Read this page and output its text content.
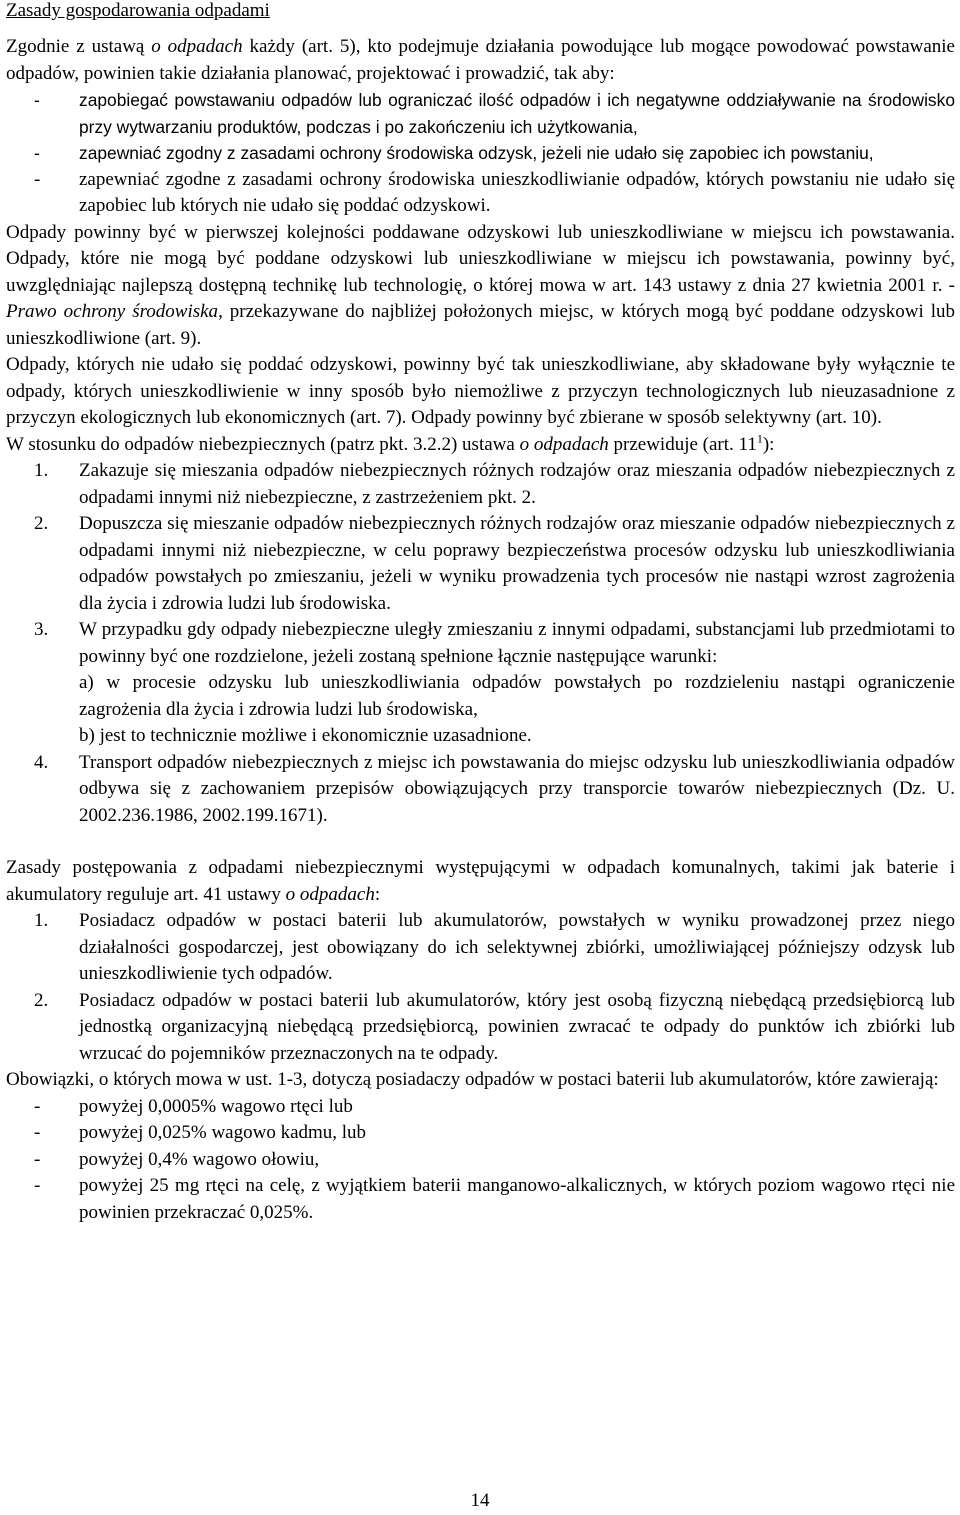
Zasady gospodarowania odpadami

Zgodnie z ustawą o odpadach każdy (art. 5), kto podejmuje działania powodujące lub mogące powodować powstawanie odpadów, powinien takie działania planować, projektować i prowadzić, tak aby:

- zapobiegać powstawaniu odpadów lub ograniczać ilość odpadów i ich negatywne oddziaływanie na środowisko przy wytwarzaniu produktów, podczas i po zakończeniu ich użytkowania,
- zapewniać zgodny z zasadami ochrony środowiska odzysk, jeżeli nie udało się zapobiec ich powstaniu,
- zapewniać zgodne z zasadami ochrony środowiska unieszkodliwianie odpadów, których powstaniu nie udało się zapobiec lub których nie udało się poddać odzyskowi.

Odpady powinny być w pierwszej kolejności poddawane odzyskowi lub unieszkodliwiane w miejscu ich powstawania. Odpady, które nie mogą być poddane odzyskowi lub unieszkodliwiane w miejscu ich powstawania, powinny być, uwzględniając najlepszą dostępną technikę lub technologię, o której mowa w art. 143 ustawy z dnia 27 kwietnia 2001 r. - Prawo ochrony środowiska, przekazywane do najbliżej położonych miejsc, w których mogą być poddane odzyskowi lub unieszkodliwione (art. 9).

Odpady, których nie udało się poddać odzyskowi, powinny być tak unieszkodliwiane, aby składowane były wyłącznie te odpady, których unieszkodliwienie w inny sposób było niemożliwe z przyczyn technologicznych lub nieuzasadnione z przyczyn ekologicznych lub ekonomicznych (art. 7). Odpady powinny być zbierane w sposób selektywny (art. 10).

W stosunku do odpadów niebezpiecznych (patrz pkt. 3.2.2) ustawa o odpadach przewiduje (art. $11^1$):

1. Zakazuje się mieszania odpadów niebezpiecznych różnych rodzajów oraz mieszania odpadów niebezpiecznych z odpadami innymi niż niebezpieczne, z zastrzeżeniem pkt. 2.
2. Dopuszcza się mieszanie odpadów niebezpiecznych różnych rodzajów oraz mieszanie odpadów niebezpiecznych z odpadami innymi niż niebezpieczne, w celu poprawy bezpieczeństwa procesów odzysku lub unieszkodliwiania odpadów powstałych po zmieszaniu, jeżeli w wyniku prowadzenia tych procesów nie nastąpi wzrost zagrożenia dla życia i zdrowia ludzi lub środowiska.
3. W przypadku gdy odpady niebezpieczne uległy zmieszaniu z innymi odpadami, substancjami lub przedmiotami to powinny być one rozdzielone, jeżeli zostaną spełnione łącznie następujące warunki:
a) w procesie odzysku lub unieszkodliwiania odpadów powstałych po rozdzieleniu nastąpi ograniczenie zagrożenia dla życia i zdrowia ludzi lub środowiska,
b) jest to technicznie możliwe i ekonomicznie uzasadnione.
4. Transport odpadów niebezpiecznych z miejsc ich powstawania do miejsc odzysku lub unieszkodliwiania odpadów odbywa się z zachowaniem przepisów obowiązujących przy transporcie towarów niebezpiecznych (Dz. U. 2002.236.1986, 2002.199.1671).

Zasady postępowania z odpadami niebezpiecznymi występującymi w odpadach komunalnych, takimi jak baterie i akumulatory reguluje art. 41 ustawy o odpadach:

1. Posiadacz odpadów w postaci baterii lub akumulatorów, powstałych w wyniku prowadzonej przez niego działalności gospodarczej, jest obowiązany do ich selektywnej zbiórki, umożliwiającej późniejszy odzysk lub unieszkodliwienie tych odpadów.
2. Posiadacz odpadów w postaci baterii lub akumulatorów, który jest osobą fizyczną niebędącą przedsiębiorcą lub jednostką organizacyjną niebędącą przedsiębiorcą, powinien zwracać te odpady do punktów ich zbiórki lub wrzucać do pojemników przeznaczonych na te odpady.

Obowiązki, o których mowa w ust. 1-3, dotyczą posiadaczy odpadów w postaci baterii lub akumulatorów, które zawierają:

- powyżej 0,0005% wagowo rtęci lub
- powyżej 0,025% wagowo kadmu, lub
- powyżej 0,4% wagowo ołowiu,
- powyżej 25 mg rtęci na celę, z wyjątkiem baterii manganowo-alkalicznych, w których poziom wagowo rtęci nie powinien przekraczać 0,025%.
14
